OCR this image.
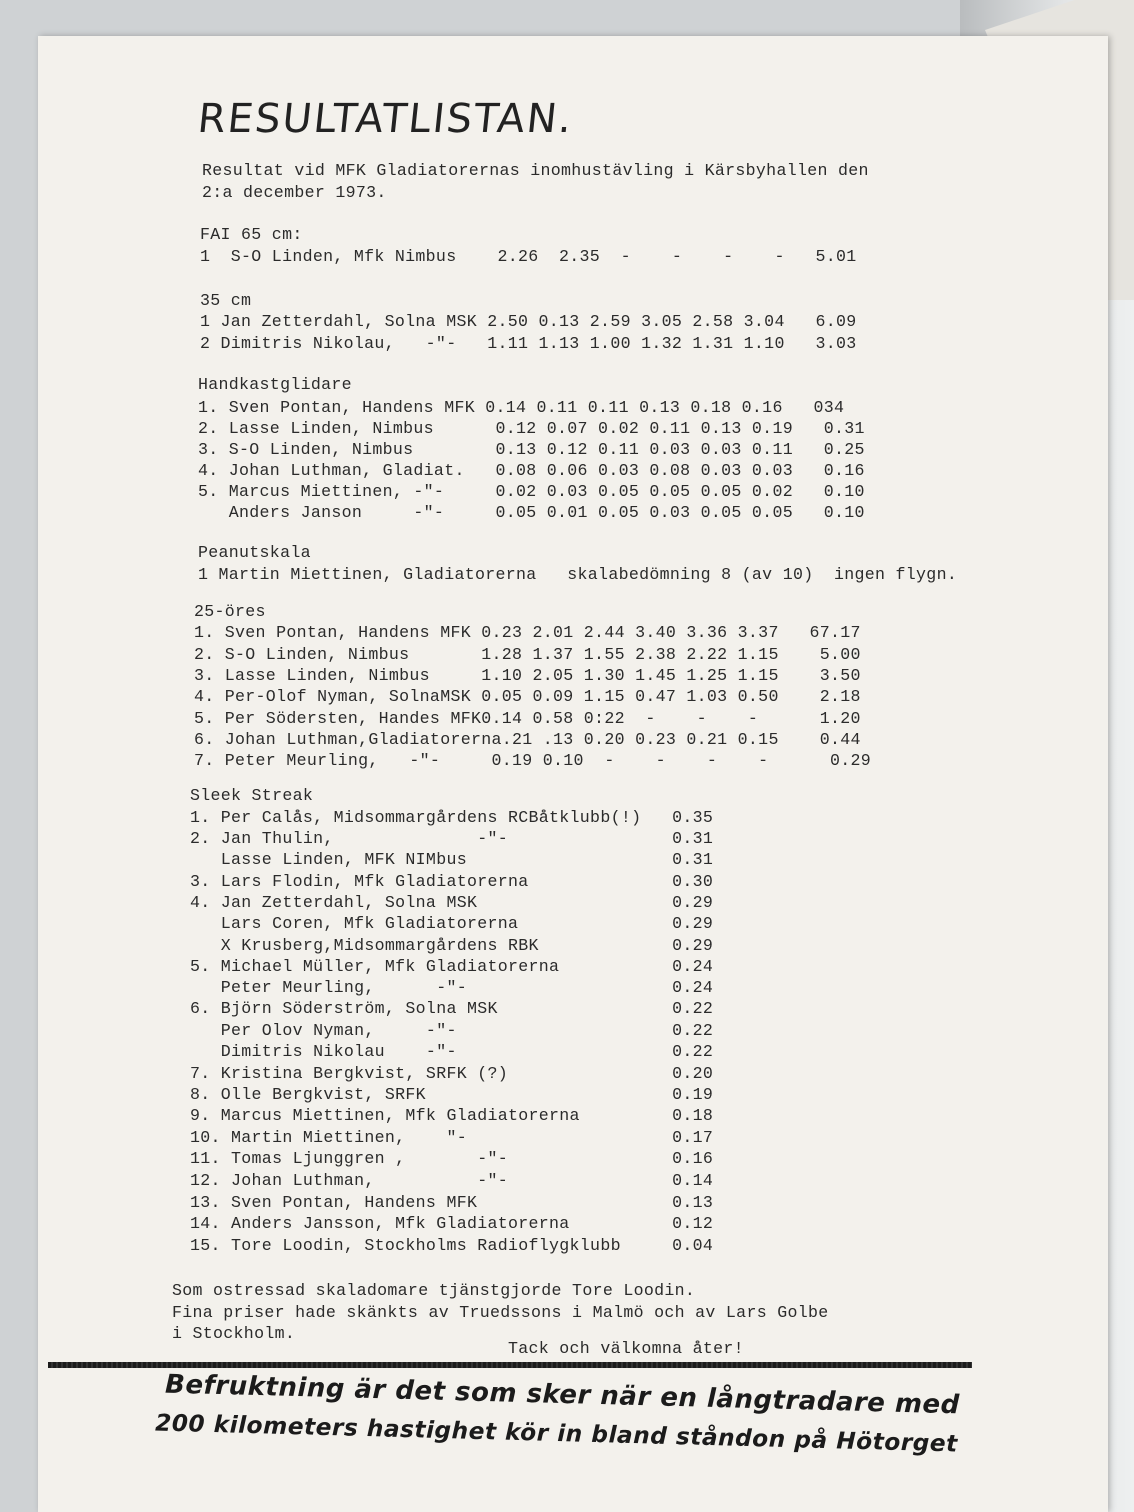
RESULTATLISTAN.

Resultat vid MFK Gladiatorernas inomhustävling i Kärsbyhallen den

2:a december 1973.

FAI 65 cm:

1  S-O Linden, Mfk Nimbus    2.26  2.35  -    -    -    -   5.01

35 cm

1 Jan Zetterdahl, Solna MSK 2.50 0.13 2.59 3.05 2.58 3.04   6.09

2 Dimitris Nikolau,   -"-   1.11 1.13 1.00 1.32 1.31 1.10   3.03

Handkastglidare

1. Sven Pontan, Handens MFK 0.14 0.11 0.11 0.13 0.18 0.16   034

2. Lasse Linden, Nimbus      0.12 0.07 0.02 0.11 0.13 0.19   0.31

3. S-O Linden, Nimbus        0.13 0.12 0.11 0.03 0.03 0.11   0.25

4. Johan Luthman, Gladiat.   0.08 0.06 0.03 0.08 0.03 0.03   0.16

5. Marcus Miettinen, -"-     0.02 0.03 0.05 0.05 0.05 0.02   0.10

Anders Janson     -"-     0.05 0.01 0.05 0.03 0.05 0.05   0.10

Peanutskala

1 Martin Miettinen, Gladiatorerna   skalabedömning 8 (av 10)  ingen flygn.

25-öres

1. Sven Pontan, Handens MFK 0.23 2.01 2.44 3.40 3.36 3.37   67.17

2. S-O Linden, Nimbus       1.28 1.37 1.55 2.38 2.22 1.15    5.00

3. Lasse Linden, Nimbus     1.10 2.05 1.30 1.45 1.25 1.15    3.50

4. Per-Olof Nyman, SolnaMSK 0.05 0.09 1.15 0.47 1.03 0.50    2.18

5. Per Södersten, Handes MFK0.14 0.58 0:22  -    -    -      1.20

6. Johan Luthman,Gladiatorerna.21 .13 0.20 0.23 0.21 0.15    0.44

7. Peter Meurling,   -"-     0.19 0.10  -    -    -    -      0.29

Sleek Streak

1. Per Calås, Midsommargårdens RCBåtklubb(!)   0.35

2. Jan Thulin,              -"-                0.31

Lasse Linden, MFK NIMbus                    0.31

3. Lars Flodin, Mfk Gladiatorerna              0.30

4. Jan Zetterdahl, Solna MSK                   0.29

Lars Coren, Mfk Gladiatorerna               0.29

X Krusberg,Midsommargårdens RBK             0.29

5. Michael Müller, Mfk Gladiatorerna           0.24

Peter Meurling,      -"-                    0.24

6. Björn Söderström, Solna MSK                 0.22

Per Olov Nyman,     -"-                     0.22

Dimitris Nikolau    -"-                     0.22

7. Kristina Bergkvist, SRFK (?)                0.20

8. Olle Bergkvist, SRFK                        0.19

9. Marcus Miettinen, Mfk Gladiatorerna         0.18

10. Martin Miettinen,    "-                    0.17

11. Tomas Ljunggren ,       -"-                0.16

12. Johan Luthman,          -"-                0.14

13. Sven Pontan, Handens MFK                   0.13

14. Anders Jansson, Mfk Gladiatorerna          0.12

15. Tore Loodin, Stockholms Radioflygklubb     0.04

Som ostressad skaladomare tjänstgjorde Tore Loodin.

Fina priser hade skänkts av Truedssons i Malmö och av Lars Golbe

i Stockholm.

Tack och välkomna åter!

Befruktning är det som sker när en långtradare med
200 kilometers hastighet kör in bland ståndon på Hötorget
